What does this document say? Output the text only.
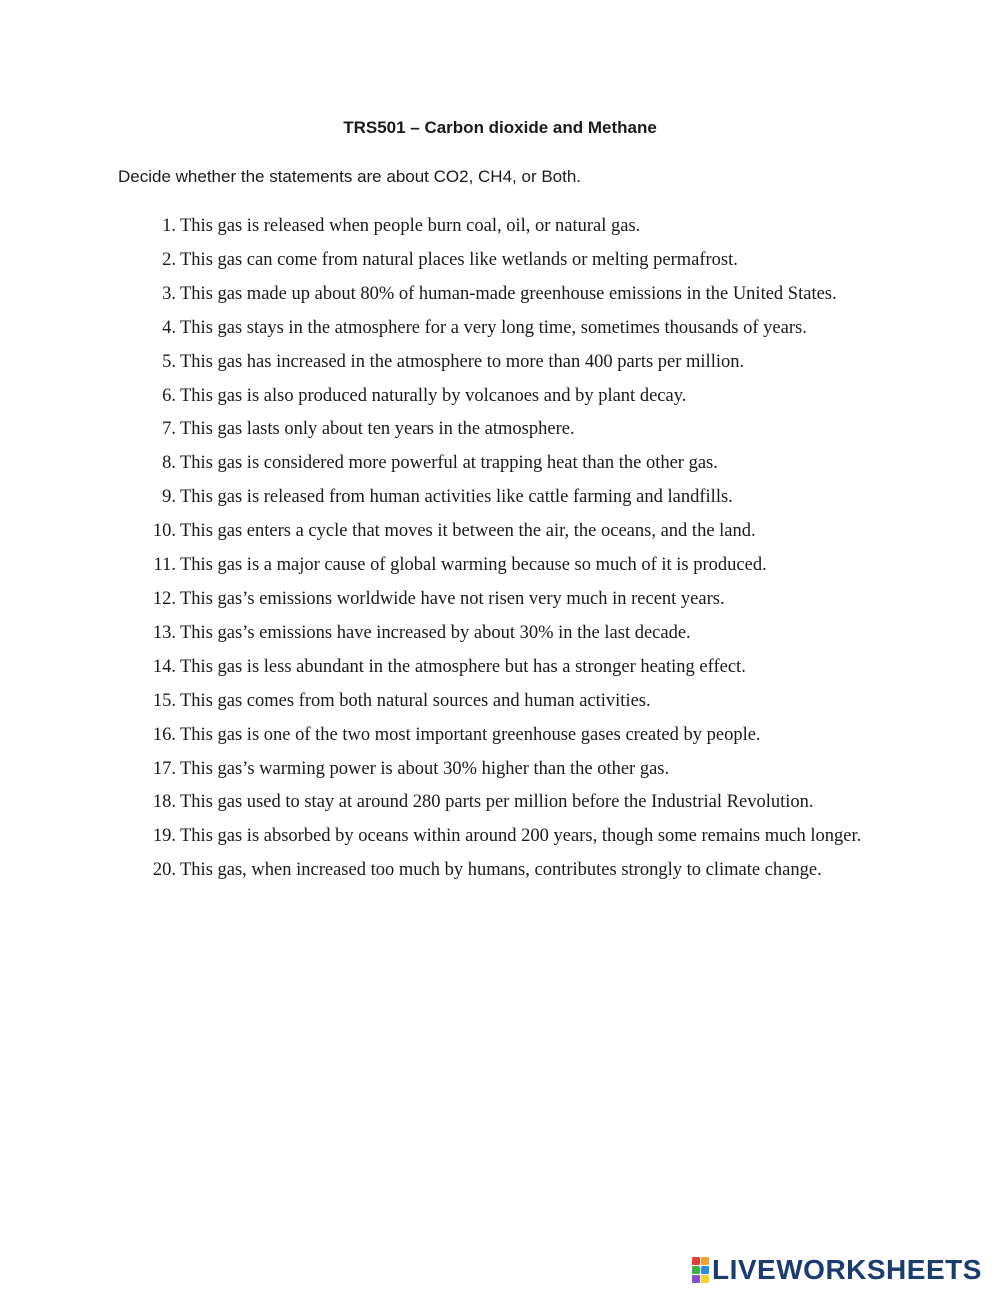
TRS501 – Carbon dioxide and Methane

Decide whether the statements are about CO2, CH4, or Both.

1. This gas is released when people burn coal, oil, or natural gas.
2. This gas can come from natural places like wetlands or melting permafrost.
3. This gas made up about 80% of human-made greenhouse emissions in the United States.
4. This gas stays in the atmosphere for a very long time, sometimes thousands of years.
5. This gas has increased in the atmosphere to more than 400 parts per million.
6. This gas is also produced naturally by volcanoes and by plant decay.
7. This gas lasts only about ten years in the atmosphere.
8. This gas is considered more powerful at trapping heat than the other gas.
9. This gas is released from human activities like cattle farming and landfills.
10. This gas enters a cycle that moves it between the air, the oceans, and the land.
11. This gas is a major cause of global warming because so much of it is produced.
12. This gas’s emissions worldwide have not risen very much in recent years.
13. This gas’s emissions have increased by about 30% in the last decade.
14. This gas is less abundant in the atmosphere but has a stronger heating effect.
15. This gas comes from both natural sources and human activities.
16. This gas is one of the two most important greenhouse gases created by people.
17. This gas’s warming power is about 30% higher than the other gas.
18. This gas used to stay at around 280 parts per million before the Industrial Revolution.
19. This gas is absorbed by oceans within around 200 years, though some remains much longer.
20. This gas, when increased too much by humans, contributes strongly to climate change.
LIVEWORKSHEETS
